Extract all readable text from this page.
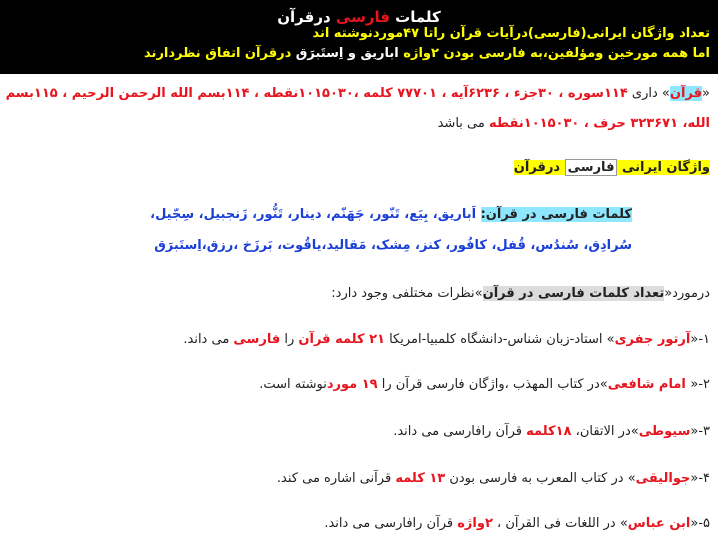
کلمات فارسی درقرآن
تعداد واژگان ایرانی(فارسی)درآیات قرآن راتا ۴۷موردنوشته اند
اما همه مورخین ومؤلفین،به فارسی بودن ۲واژه اباریق و اِستَبرَق درقرآن اتفاق نظردارند
«قرآن» داری ۱۱۴سوره ، ۳۰جزء ، ۶۲۳۶آیه ، ۷۷۷۰۱ کلمه ،۱۰۱۵۰۳۰نقطه ، ۱۱۴بسم الله الرحمن الرحیم ، ۱۱۵بسم
الله، ۳۲۳۶۷۱ حرف ، ۱۰۱۵۰۳۰نقطه می باشد
واژگان ایرانی فارسی درقرآن
کلمات فارسی در قرآن: اَباریق، بِیَع، تَنّور، جَهَنّم، دینار، تَنُّور، زَنجبیل، سِجّیل،
سُرادِق، سُندُس، قُفل، کافُور، کنز، مِشک، مَقالید،یاقُوت، بَرزَخ ،رزق،اِستَبرَق
درمورد«تعداد کلمات فارسی در قرآن»نظرات مختلفی وجود دارد:
۱-«آرتور جفری» استاد-زبان شناس-دانشگاه کلمبیا-امریکا ۲۱ کلمه قرآن را فارسی می داند.
۲-« امام شافعی»در کتاب المهذب ،واژگان فارسی قرآن را ۱۹ موردنوشته است.
۳-«سیوطی»در الاتقان، ۱۸کلمه قرآن رافارسی می داند.
۴-«جوالیقی» در کتاب المعرب به فارسی بودن ۱۳ کلمه قرآنی اشاره می کند.
۵-«ابن عباس» در اللغات فی القرآن ، ۲واژه قرآن رافارسی می داند.
